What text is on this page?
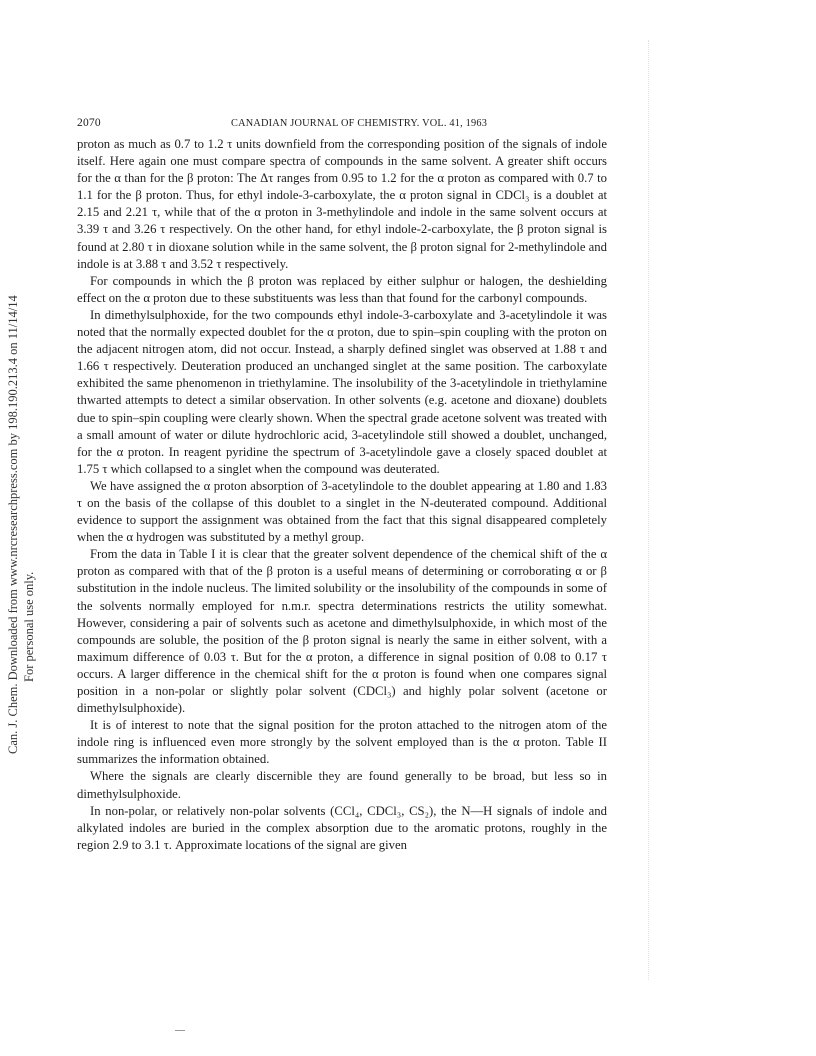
Can. J. Chem. Downloaded from www.nrcresearchpress.com by 198.190.213.4 on 11/14/14 For personal use only.
2070	CANADIAN JOURNAL OF CHEMISTRY. VOL. 41, 1963

proton as much as 0.7 to 1.2 τ units downfield from the corresponding position of the signals of indole itself. Here again one must compare spectra of compounds in the same solvent. A greater shift occurs for the α than for the β proton: The Δτ ranges from 0.95 to 1.2 for the α proton as compared with 0.7 to 1.1 for the β proton. Thus, for ethyl indole-3-carboxylate, the α proton signal in CDCl₃ is a doublet at 2.15 and 2.21 τ, while that of the α proton in 3-methylindole and indole in the same solvent occurs at 3.39 τ and 3.26 τ respectively. On the other hand, for ethyl indole-2-carboxylate, the β proton signal is found at 2.80 τ in dioxane solution while in the same solvent, the β proton signal for 2-methylindole and indole is at 3.88 τ and 3.52 τ respectively.

For compounds in which the β proton was replaced by either sulphur or halogen, the deshielding effect on the α proton due to these substituents was less than that found for the carbonyl compounds.

In dimethylsulphoxide, for the two compounds ethyl indole-3-carboxylate and 3-acetylindole it was noted that the normally expected doublet for the α proton, due to spin–spin coupling with the proton on the adjacent nitrogen atom, did not occur. Instead, a sharply defined singlet was observed at 1.88 τ and 1.66 τ respectively. Deuteration produced an unchanged singlet at the same position. The carboxylate exhibited the same phenomenon in triethylamine. The insolubility of the 3-acetylindole in triethylamine thwarted attempts to detect a similar observation. In other solvents (e.g. acetone and dioxane) doublets due to spin–spin coupling were clearly shown. When the spectral grade acetone solvent was treated with a small amount of water or dilute hydrochloric acid, 3-acetylindole still showed a doublet, unchanged, for the α proton. In reagent pyridine the spectrum of 3-acetylindole gave a closely spaced doublet at 1.75 τ which collapsed to a singlet when the compound was deuterated.

We have assigned the α proton absorption of 3-acetylindole to the doublet appearing at 1.80 and 1.83 τ on the basis of the collapse of this doublet to a singlet in the N-deuterated compound. Additional evidence to support the assignment was obtained from the fact that this signal disappeared completely when the α hydrogen was substituted by a methyl group.

From the data in Table I it is clear that the greater solvent dependence of the chemical shift of the α proton as compared with that of the β proton is a useful means of determining or corroborating α or β substitution in the indole nucleus. The limited solubility or the insolubility of the compounds in some of the solvents normally employed for n.m.r. spectra determinations restricts the utility somewhat. However, considering a pair of solvents such as acetone and dimethylsulphoxide, in which most of the compounds are soluble, the position of the β proton signal is nearly the same in either solvent, with a maximum difference of 0.03 τ. But for the α proton, a difference in signal position of 0.08 to 0.17 τ occurs. A larger difference in the chemical shift for the α proton is found when one compares signal position in a non-polar or slightly polar solvent (CDCl₃) and highly polar solvent (acetone or dimethylsulphoxide).

It is of interest to note that the signal position for the proton attached to the nitrogen atom of the indole ring is influenced even more strongly by the solvent employed than is the α proton. Table II summarizes the information obtained.

Where the signals are clearly discernible they are found generally to be broad, but less so in dimethylsulphoxide.

In non-polar, or relatively non-polar solvents (CCl₄, CDCl₃, CS₂), the N—H signals of indole and alkylated indoles are buried in the complex absorption due to the aromatic protons, roughly in the region 2.9 to 3.1 τ. Approximate locations of the signal are given
